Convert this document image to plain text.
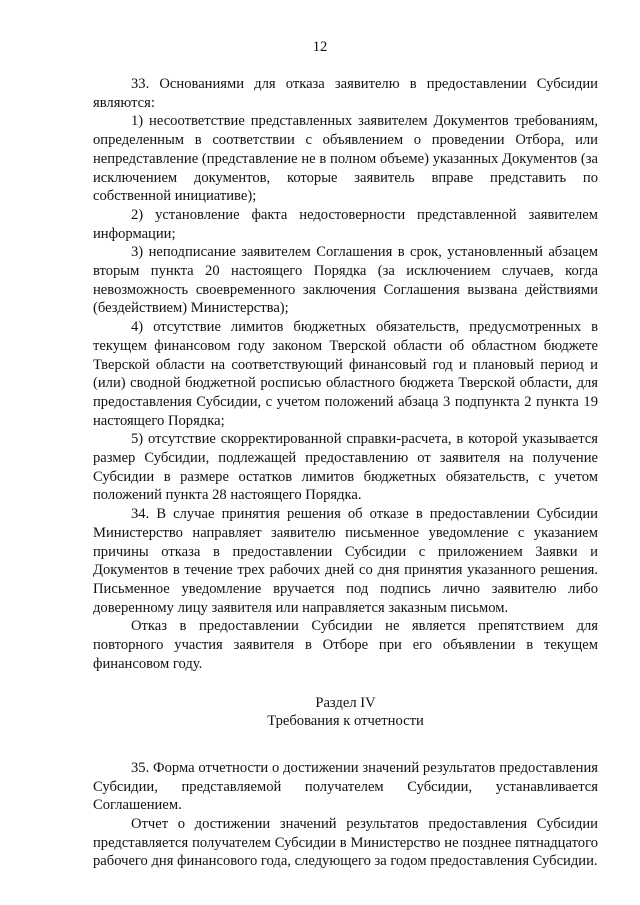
12

33. Основаниями для отказа заявителю в предоставлении Субсидии являются:

1) несоответствие представленных заявителем Документов требованиям, определенным в соответствии с объявлением о проведении Отбора, или непредставление (представление не в полном объеме) указанных Документов (за исключением документов, которые заявитель вправе представить по собственной инициативе);

2) установление факта недостоверности представленной заявителем информации;

3) неподписание заявителем Соглашения в срок, установленный абзацем вторым пункта 20 настоящего Порядка (за исключением случаев, когда невозможность своевременного заключения Соглашения вызвана действиями (бездействием) Министерства);

4) отсутствие лимитов бюджетных обязательств, предусмотренных в текущем финансовом году законом Тверской области об областном бюджете Тверской области на соответствующий финансовый год и плановый период и (или) сводной бюджетной росписью областного бюджета Тверской области, для предоставления Субсидии, с учетом положений абзаца 3 подпункта 2 пункта 19 настоящего Порядка;

5) отсутствие скорректированной справки-расчета, в которой указывается размер Субсидии, подлежащей предоставлению от заявителя на получение Субсидии в размере остатков лимитов бюджетных обязательств, с учетом положений пункта 28 настоящего Порядка.

34. В случае принятия решения об отказе в предоставлении Субсидии Министерство направляет заявителю письменное уведомление с указанием причины отказа в предоставлении Субсидии с приложением Заявки и Документов в течение трех рабочих дней со дня принятия указанного решения. Письменное уведомление вручается под подпись лично заявителю либо доверенному лицу заявителя или направляется заказным письмом.

Отказ в предоставлении Субсидии не является препятствием для повторного участия заявителя в Отборе при его объявлении в текущем финансовом году.

Раздел IV

Требования к отчетности

35. Форма отчетности о достижении значений результатов предоставления Субсидии, представляемой получателем Субсидии, устанавливается Соглашением.

Отчет о достижении значений результатов предоставления Субсидии представляется получателем Субсидии в Министерство не позднее пятнадцатого рабочего дня финансового года, следующего за годом предоставления Субсидии.
